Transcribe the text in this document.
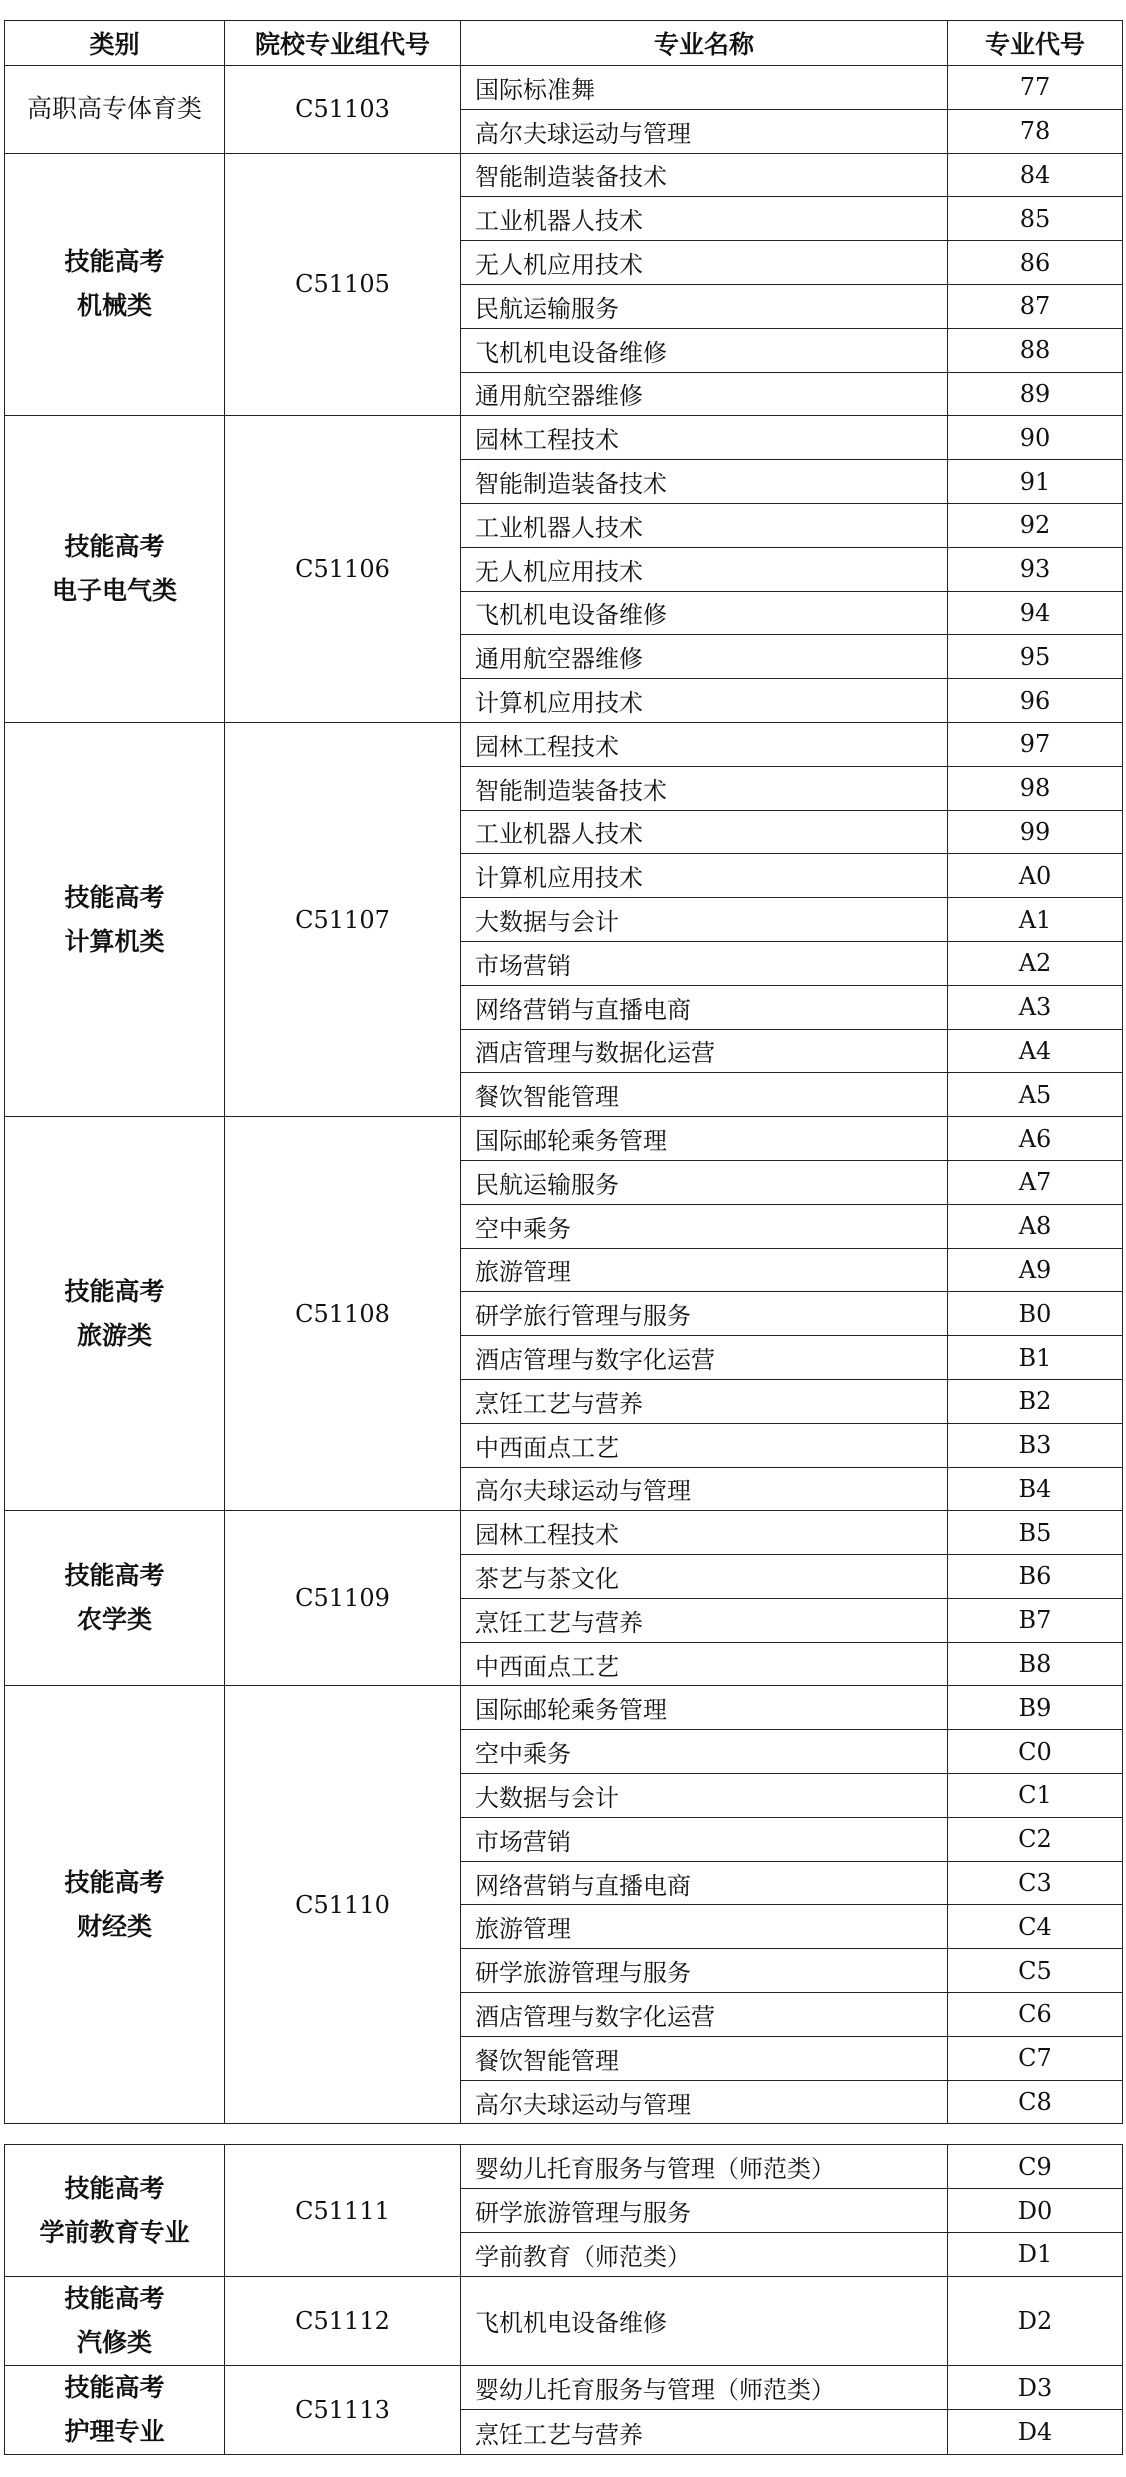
类别	院校专业组代号	专业名称	专业代号

高职高专体育类	C51103	国际标准舞	77
		高尔夫球运动与管理	78

技能高考
机械类	C51105	智能制造装备技术	84
		工业机器人技术	85
		无人机应用技术	86
		民航运输服务	87
		飞机机电设备维修	88
		通用航空器维修	89

技能高考
电子电气类	C51106	园林工程技术	90
		智能制造装备技术	91
		工业机器人技术	92
		无人机应用技术	93
		飞机机电设备维修	94
		通用航空器维修	95
		计算机应用技术	96

技能高考
计算机类	C51107	园林工程技术	97
		智能制造装备技术	98
		工业机器人技术	99
		计算机应用技术	A0
		大数据与会计	A1
		市场营销	A2
		网络营销与直播电商	A3
		酒店管理与数据化运营	A4
		餐饮智能管理	A5

技能高考
旅游类	C51108	国际邮轮乘务管理	A6
		民航运输服务	A7
		空中乘务	A8
		旅游管理	A9
		研学旅行管理与服务	B0
		酒店管理与数字化运营	B1
		烹饪工艺与营养	B2
		中西面点工艺	B3
		高尔夫球运动与管理	B4

技能高考
农学类	C51109	园林工程技术	B5
		茶艺与茶文化	B6
		烹饪工艺与营养	B7
		中西面点工艺	B8

技能高考
财经类	C51110	国际邮轮乘务管理	B9
		空中乘务	C0
		大数据与会计	C1
		市场营销	C2
		网络营销与直播电商	C3
		旅游管理	C4
		研学旅游管理与服务	C5
		酒店管理与数字化运营	C6
		餐饮智能管理	C7
		高尔夫球运动与管理	C8

技能高考
学前教育专业	C51111	婴幼儿托育服务与管理（师范类）	C9
		研学旅游管理与服务	D0
		学前教育（师范类）	D1

技能高考
汽修类	C51112	飞机机电设备维修	D2

技能高考
护理专业	C51113	婴幼儿托育服务与管理（师范类）	D3
		烹饪工艺与营养	D4
